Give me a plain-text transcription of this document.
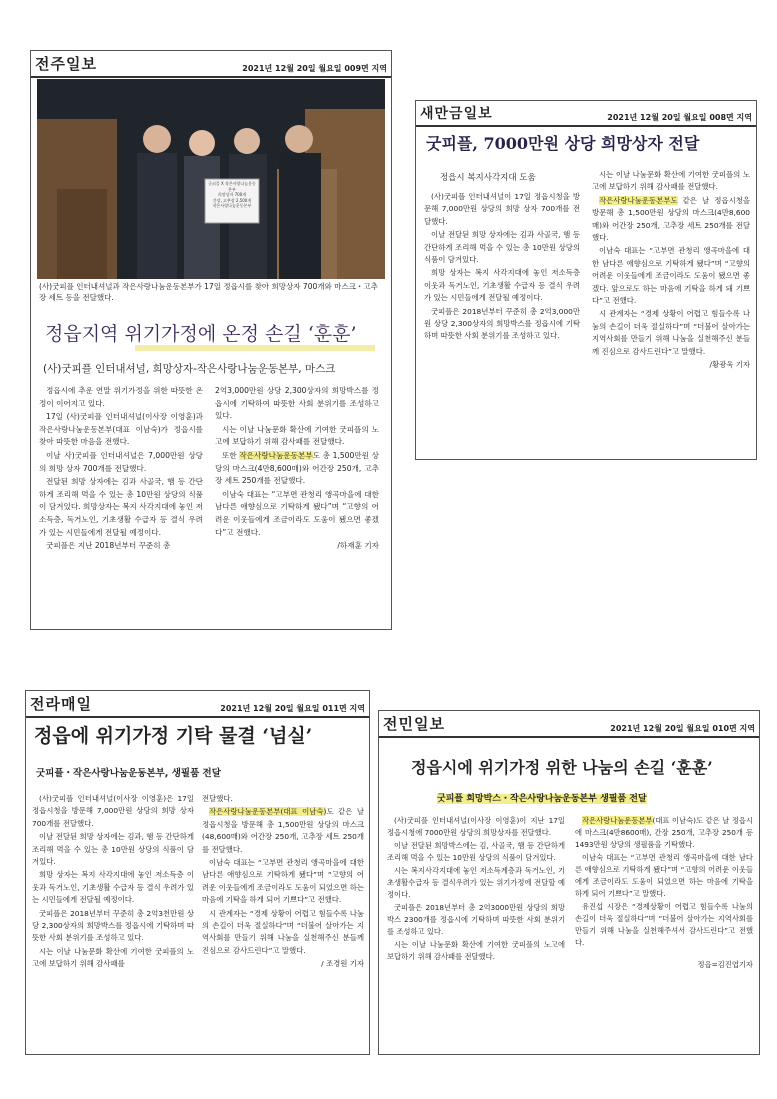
전주일보	2021년 12월 20일 월요일 009면 지역
굿피플 X 작은사랑나눔운동본부
희망상자 700개
간장, 고추장 2,500개
작은사랑나눔운동본부
(사)굿피플 인터내셔널과 작은사랑나눔운동본부가 17일 정읍시를 찾아 희망상자 700개와 마스크・고추장 세트 등을 전달했다.
정읍지역 위기가정에 온정 손길 ‘훈훈’
(사)굿피플 인터내셔널, 희망상자-작은사랑나눔운동본부, 마스크

정읍시에 추운 연말 위기가정을 위한 따뜻한 온정이 이어지고 있다.

17일 (사)굿피플 인터내셔널(이사장 이영훈)과 작은사랑나눔운동본부(대표 이남숙)가 정읍시를 찾아 따뜻한 마음을 전했다.

이날 사)굿피플 인터내셔널은 7,000만원 상당의 희망 상자 700개를 전달했다.

전달된 희망 상자에는 김과 사골국, 햄 등 간단하게 조리해 먹을 수 있는 총 10만원 상당의 식품이 담겨있다. 희망상자는 복지 사각지대에 놓인 저소득층, 독거노인, 기초생활 수급자 등 결식 우려가 있는 시민들에게 전달될 예정이다.

굿피플은 지난 2018년부터 꾸준히 총

2억3,000만원 상당 2,300상자의 희망박스를 정읍시에 기탁하여 따뜻한 사회 분위기를 조성하고 있다.

시는 이날 나눔문화 확산에 기여한 굿피플의 노고에 보답하기 위해 감사패를 전달했다.

또한 작은사랑나눔운동본부도 총 1,500만원 상당의 마스크(4만8,600매)와 어간장 250개, 고추장 세트 250개를 전달했다.

이남숙 대표는 “고부면 관청리 앵곡마을에 대한 남다른 애향심으로 기탁하게 됐다”며 “고향의 어려운 이웃들에게 조금이라도 도움이 됐으면 좋겠다”고 전했다.

/하재훈 기자

새만금일보	2021년 12월 20일 월요일 008면 지역
굿피플, 7000만원 상당 희망상자 전달
정읍시 복지사각지대 도움

(사)굿피플 인터내셔널이 17일 정읍시청을 방문해 7,000만원 상당의 희망 상자 700개를 전달했다.

이날 전달된 희망 상자에는 김과 사골국, 햄 등 간단하게 조리해 먹을 수 있는 총 10만원 상당의 식품이 담겨있다.

희망 상자는 복지 사각지대에 놓인 저소득층 이웃과 독거노인, 기초생활 수급자 등 결식 우려가 있는 시민들에게 전달될 예정이다.

굿피플은 2018년부터 꾸준히 총 2억3,000만원 상당 2,300상자의 희망박스를 정읍시에 기탁하며 따뜻한 사회 분위기를 조성하고 있다.

시는 이날 나눔문화 확산에 기여한 굿피플의 노고에 보답하기 위해 감사패를 전달했다.

작은사랑나눔운동본부도 같은 날 정읍시청을 방문해 총 1,500만원 상당의 마스크(4만8,600매)와 어간장 250개, 고추장 세트 250개를 전달했다.

이남숙 대표는 “고부면 관청리 앵곡마을에 대한 남다른 애향심으로 기탁하게 됐다”며 “고향의 어려운 이웃들에게 조금이라도 도움이 됐으면 좋겠다. 앞으로도 하는 마음에 기탁을 하게 돼 기쁘다”고 전했다.

시 관계자는 “경제 상황이 어렵고 힘들수록 나눔의 손길이 더욱 절실하다”며 “더불어 살아가는 지역사회를 만들기 위해 나눔을 실천해주신 분들께 진심으로 감사드린다”고 말했다.

/황광욱 기자

전라매일	2021년 12월 20일 월요일 011면 지역
정읍에 위기가정 기탁 물결 ‘넘실’
굿피플・작은사랑나눔운동본부, 생필품 전달

(사)굿피플 인터내셔널(이사장 이영훈)은 17일 정읍시청을 방문해 7,000만원 상당의 희망 상자 700개를 전달했다.

이날 전달된 희망 상자에는 김과, 햄 등 간단하게 조리해 먹을 수 있는 총 10만원 상당의 식품이 담겨있다.

희망 상자는 복지 사각지대에 놓인 저소득층 이웃과 독거노인, 기초생활 수급자 등 결식 우려가 있는 시민들에게 전달될 예정이다.

굿피플은 2018년부터 꾸준히 총 2억3천만원 상당 2,300상자의 희망박스를 정읍시에 기탁하며 따뜻한 사회 분위기를 조성하고 있다.

시는 이날 나눔문화 확산에 기여한 굿피플의 노고에 보답하기 위해 감사패를

전달했다.

작은사랑나눔운동본부(대표 이남숙)도 같은 날 정읍시청을 방문해 총 1,500만원 상당의 마스크(48,600매)와 어간장 250개, 고추장 세트 250개를 전달했다.

이남숙 대표는 “고부면 관청리 앵곡마을에 대한 남다른 애향심으로 기탁하게 됐다”며 “고향의 어려운 이웃들에게 조금이라도 도움이 되었으면 하는 마음에 기탁을 하게 되어 기쁘다”고 전했다.

시 관계자는 “경제 상황이 어렵고 힘들수록 나눔의 손길이 더욱 절실하다”며 “더불어 살아가는 지역사회를 만들기 위해 나눔을 실천해주신 분들께 진심으로 감사드린다”고 말했다.

/ 조경원 기자

전민일보	2021년 12월 20일 월요일 010면 지역
정읍시에 위기가정 위한 나눔의 손길 ‘훈훈’
굿피플 희망박스・작은사랑나눔운동본부 생필품 전달

(사)굿피플 인터내셔널(이사장 이영훈)이 지난 17일 정읍시청에 7000만원 상당의 희망상자를 전달했다.

이날 전달된 희망박스에는 김, 사골국, 햄 등 간단하게 조리해 먹을 수 있는 10만원 상당의 식품이 담겨있다.

시는 복지사각지대에 놓인 저소득계층과 독거노인, 기초생활수급자 등 결식우려가 있는 위기가정에 전달할 예정이다.

굿피플은 2018년부터 총 2억3000만원 상당의 희망박스 2300개를 정읍시에 기탁하며 따뜻한 사회 분위기를 조성하고 있다.

시는 이날 나눔문화 확산에 기여한 굿피플의 노고에 보답하기 위해 감사패를 전달했다.

작은사랑나눔운동본부(대표 이남숙)도 같은 날 정읍시에 마스크(4만8600매), 간장 250개, 고추장 250개 등 1493만원 상당의 생필품을 기탁했다.

이남숙 대표는 “고부면 관청리 앵곡마을에 대한 남다른 애향심으로 기탁하게 됐다”며 “고향의 어려운 이웃들에게 조금이라도 도움이 되었으면 하는 마음에 기탁을 하게 되어 기쁘다”고 말했다.

유진섭 시장은 “경제상황이 어렵고 힘들수록 나눔의 손길이 더욱 절실하다”며 “더불어 살아가는 지역사회를 만들기 위해 나눔을 실천해주셔서 감사드린다”고 전했다.

정읍=김진엽기자
